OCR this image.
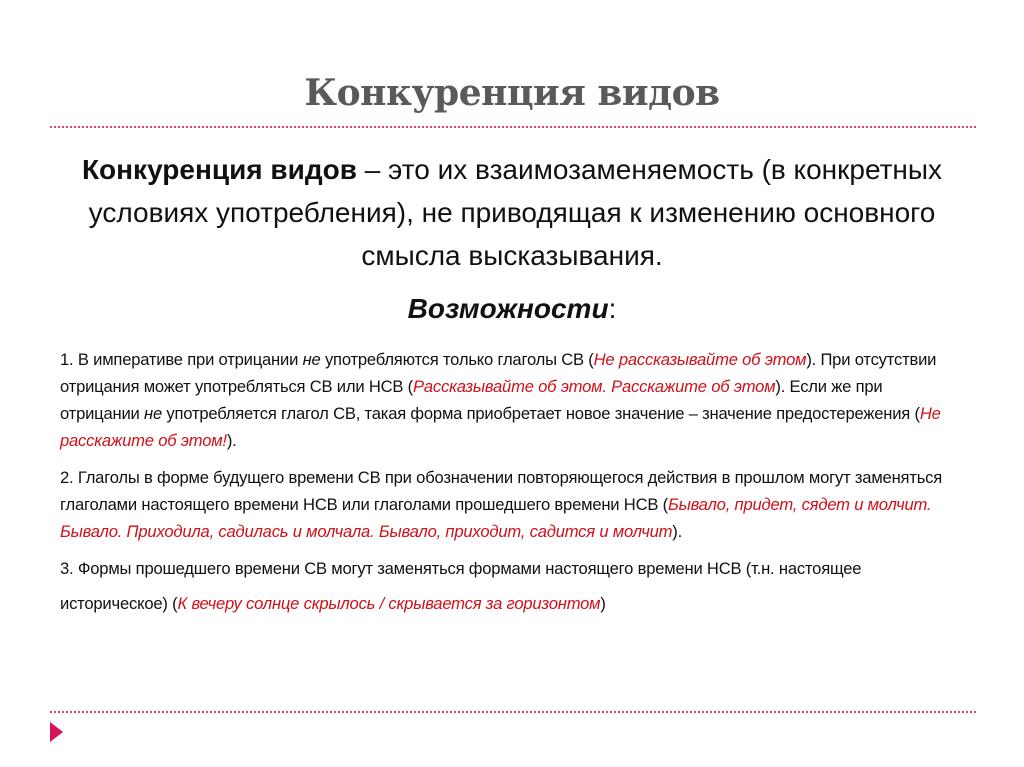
Конкуренция видов
Конкуренция видов – это их взаимозаменяемость (в конкретных условиях употребления), не приводящая к изменению основного смысла высказывания.
Возможности:

1. В императиве при отрицании не употребляются только глаголы СВ (Не рассказывайте об этом). При отсутствии отрицания может употребляться СВ или НСВ (Рассказывайте об этом. Расскажите об этом). Если же при отрицании не употребляется глагол СВ, такая форма приобретает новое значение – значение предостережения (Не расскажите об этом!).

2. Глаголы в форме будущего времени СВ при обозначении повторяющегося действия в прошлом могут заменяться глаголами настоящего времени НСВ или глаголами прошедшего времени НСВ (Бывало, придет, сядет и молчит. Бывало. Приходила, садилась и молчала. Бывало, приходит, садится и молчит).

3. Формы прошедшего времени СВ могут заменяться формами настоящего времени НСВ (т.н. настоящее историческое) (К вечеру солнце скрылось / скрывается за горизонтом)
